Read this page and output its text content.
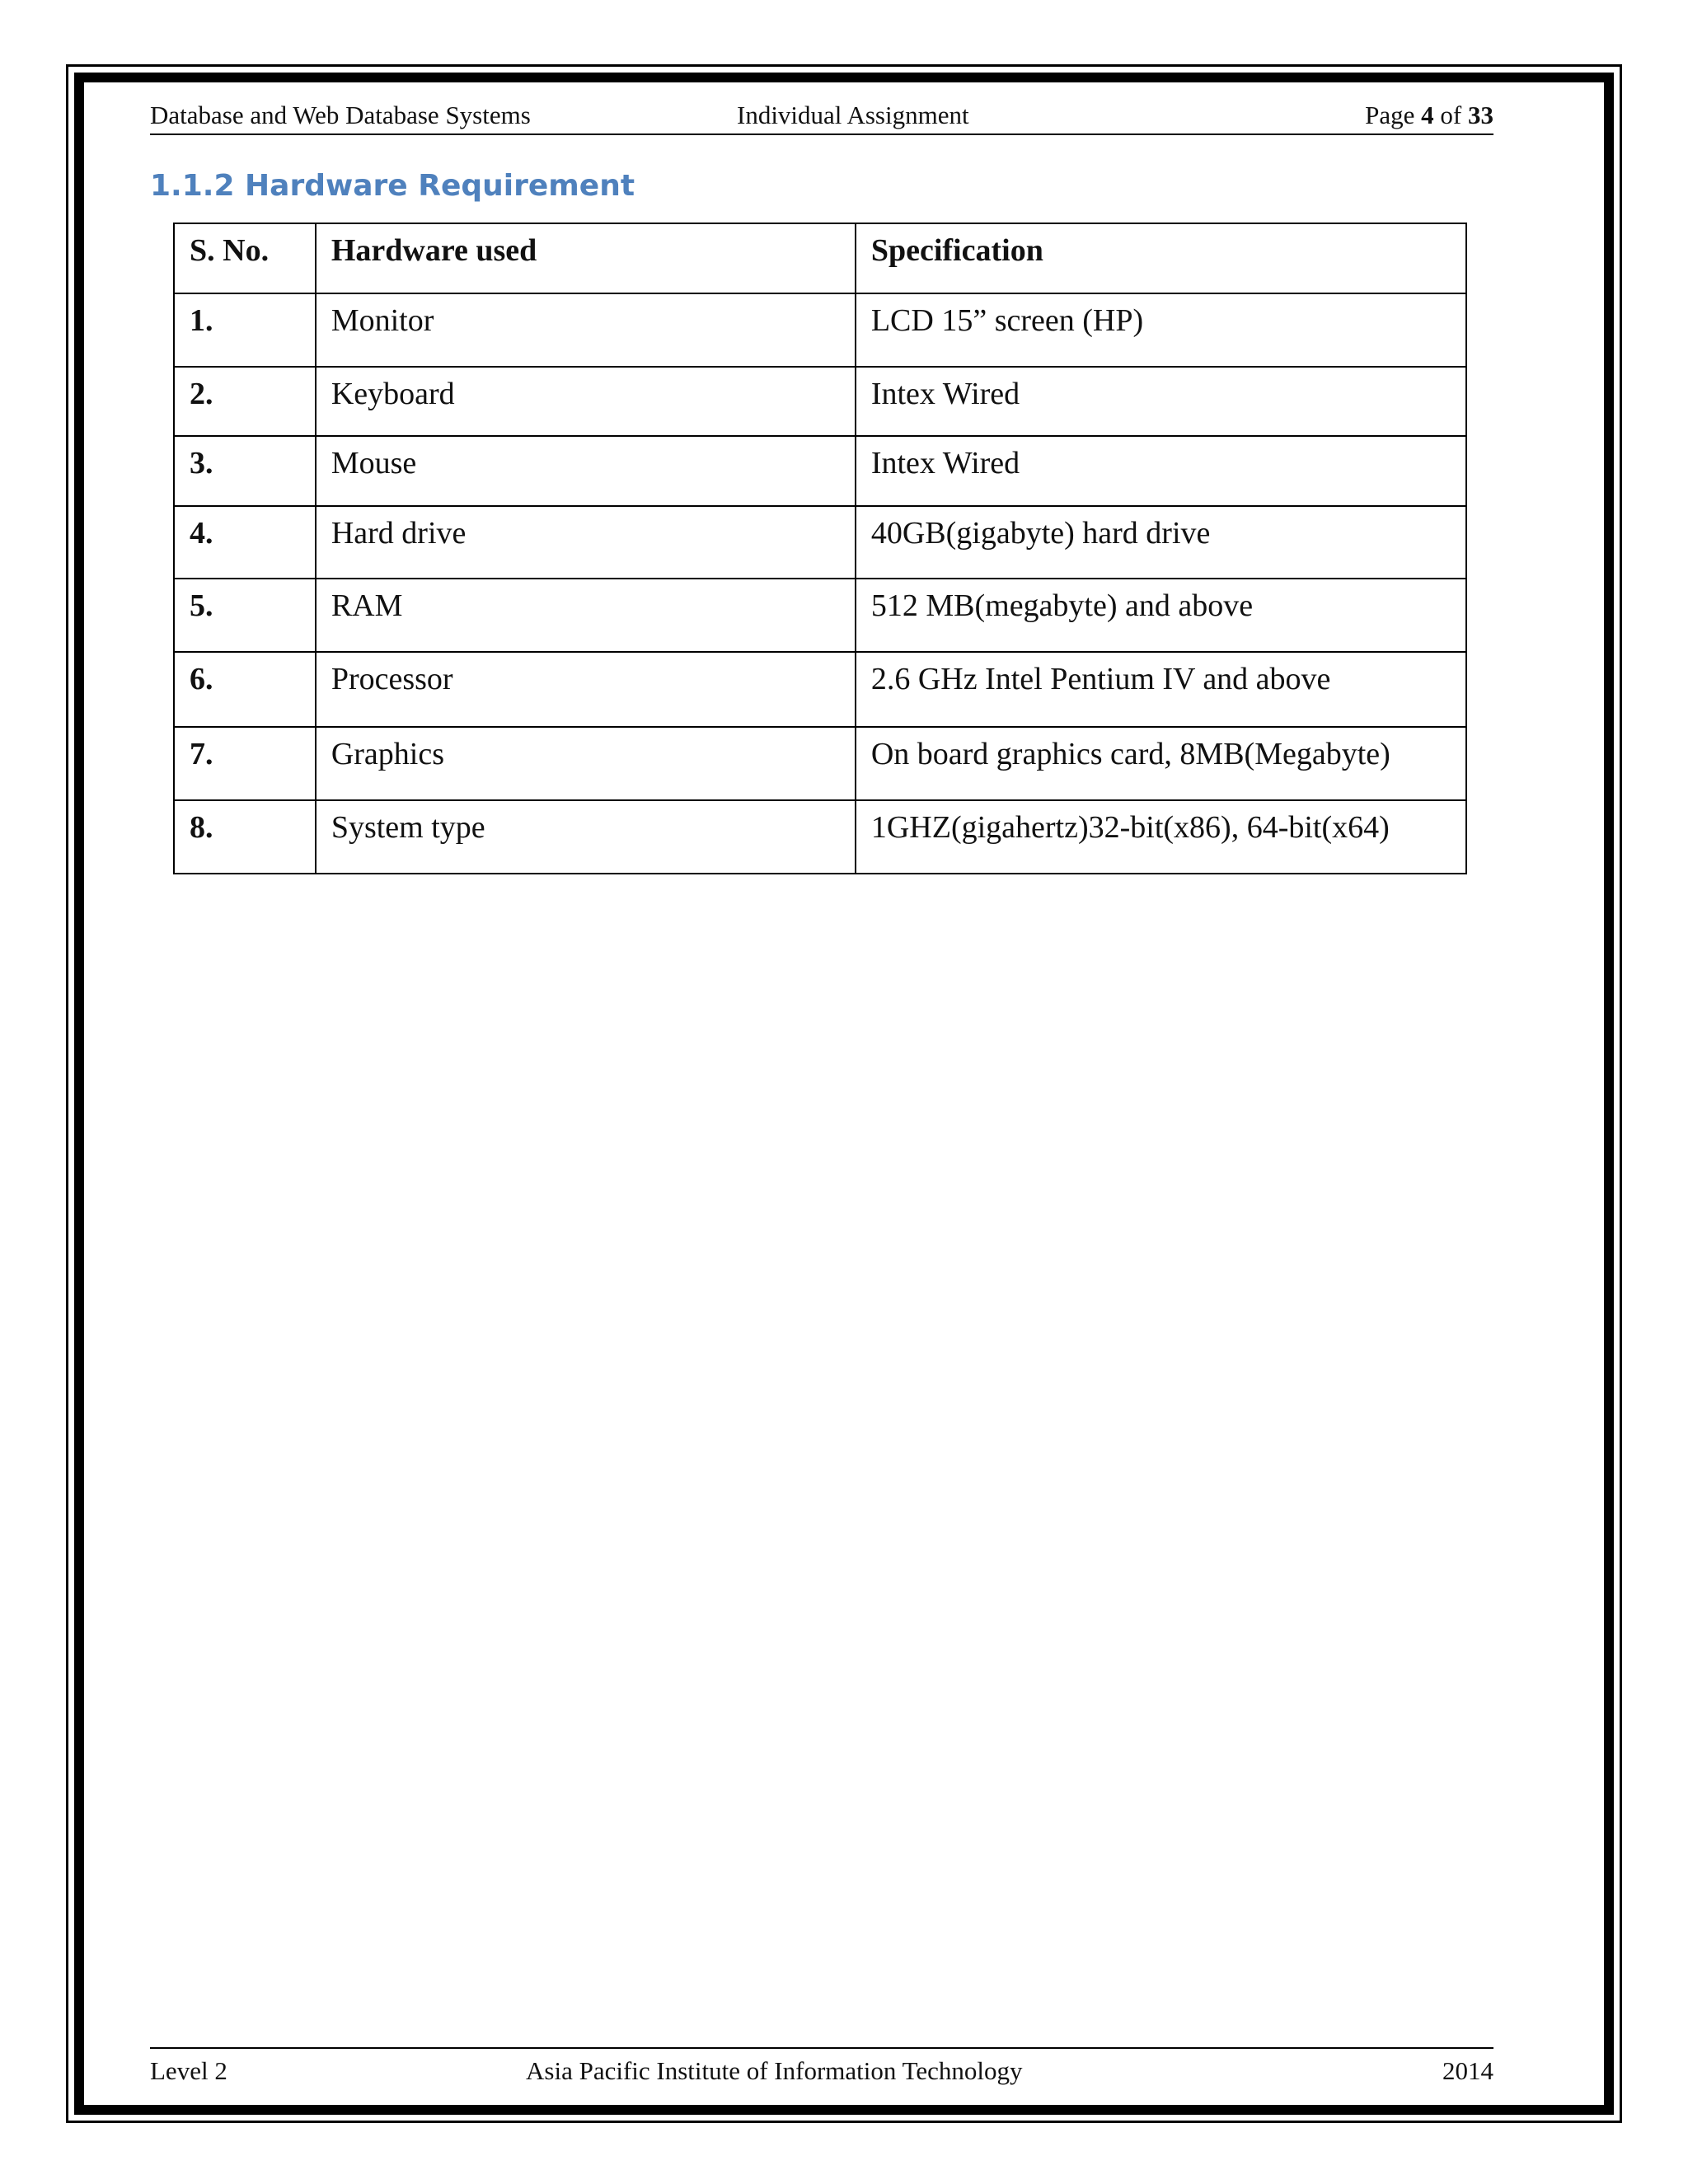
Database and Web Database Systems	Individual Assignment	Page 4 of 33
1.1.2 Hardware Requirement
S. No.	Hardware used	Specification
1.	Monitor	LCD 15” screen (HP)
2.	Keyboard	Intex Wired
3.	Mouse	Intex Wired
4.	Hard drive	40GB(gigabyte) hard drive
5.	RAM	512 MB(megabyte) and above
6.	Processor	2.6 GHz Intel Pentium IV and above
7.	Graphics	On board graphics card, 8MB(Megabyte)
8.	System type	1GHZ(gigahertz)32-bit(x86), 64-bit(x64)
Level 2	Asia Pacific Institute of Information Technology	2014
